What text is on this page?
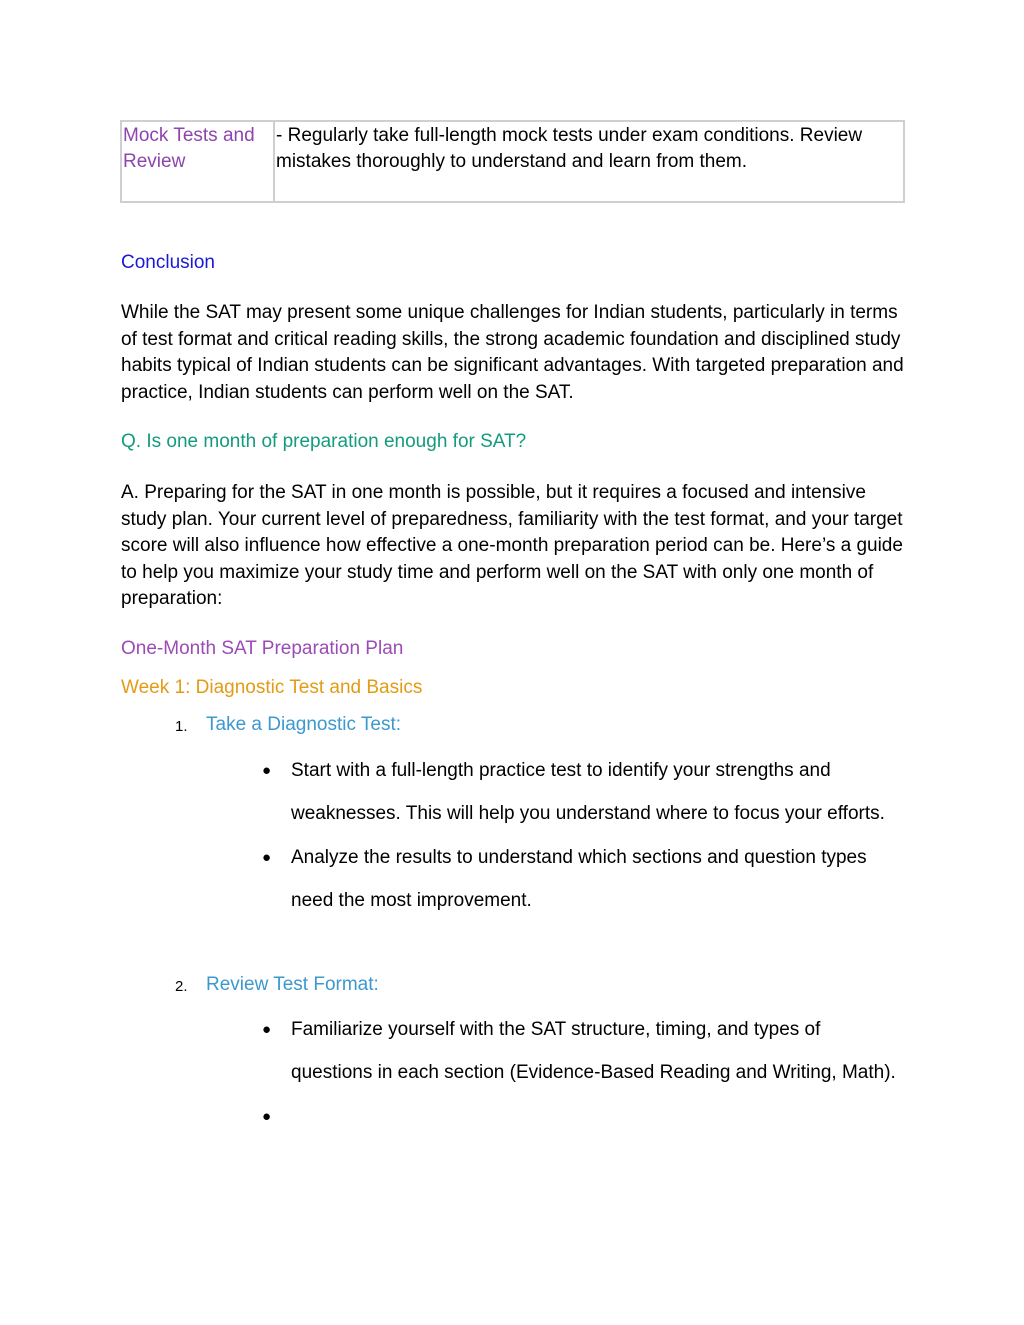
Mock Tests and Review	- Regularly take full-length mock tests under exam conditions. Review mistakes thoroughly to understand and learn from them.

Conclusion

While the SAT may present some unique challenges for Indian students, particularly in terms of test format and critical reading skills, the strong academic foundation and disciplined study habits typical of Indian students can be significant advantages. With targeted preparation and practice, Indian students can perform well on the SAT.

Q. Is one month of preparation enough for SAT?

A. Preparing for the SAT in one month is possible, but it requires a focused and intensive study plan. Your current level of preparedness, familiarity with the test format, and your target score will also influence how effective a one-month preparation period can be. Here’s a guide to help you maximize your study time and perform well on the SAT with only one month of preparation:

One-Month SAT Preparation Plan

Week 1: Diagnostic Test and Basics

1. Take a Diagnostic Test:
● Start with a full-length practice test to identify your strengths and weaknesses. This will help you understand where to focus your efforts.
● Analyze the results to understand which sections and question types need the most improvement.
2. Review Test Format:
● Familiarize yourself with the SAT structure, timing, and types of questions in each section (Evidence-Based Reading and Writing, Math).
●
